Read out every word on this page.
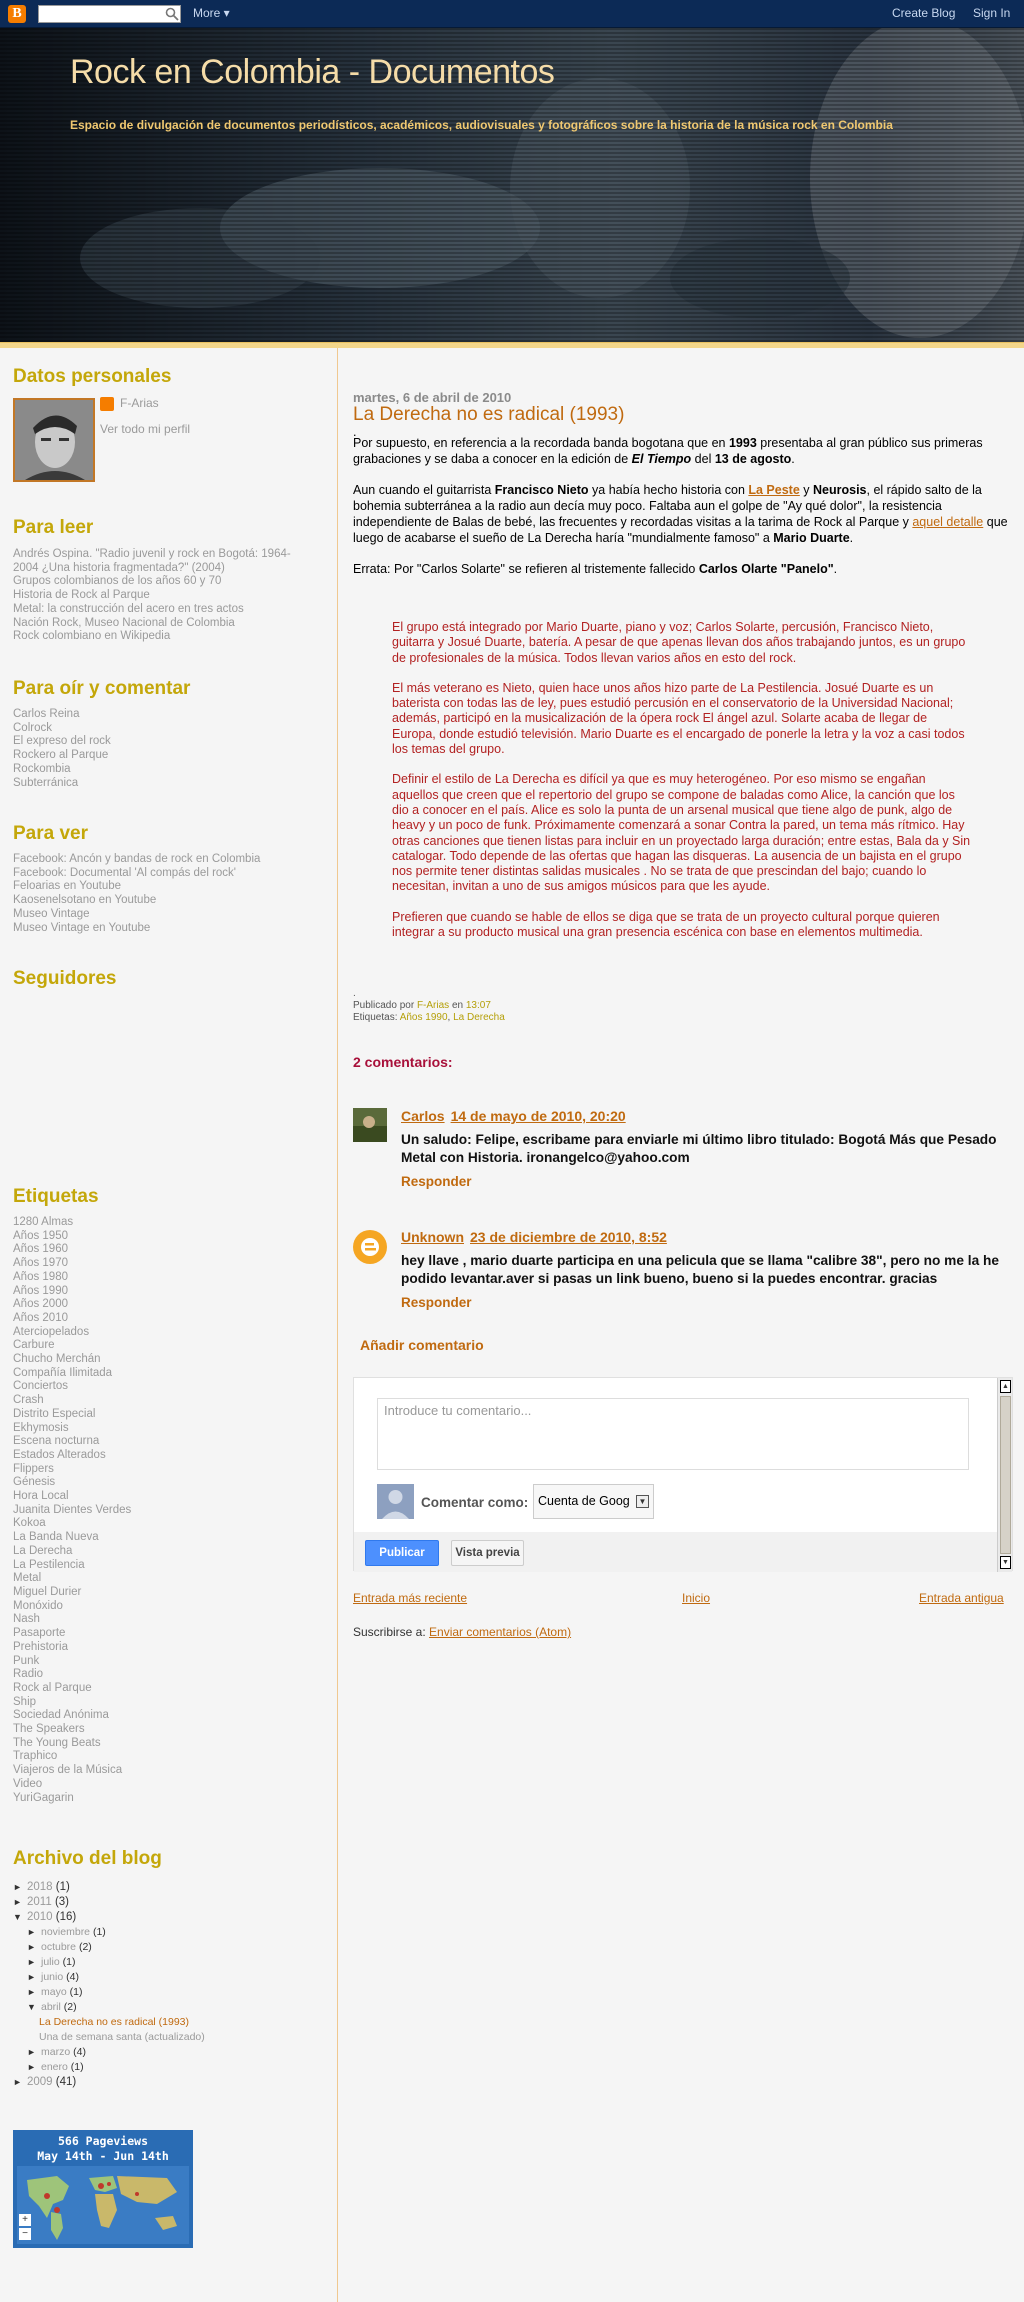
B	More ▾	Create Blog Sign In
Rock en Colombia - Documentos
Espacio de divulgación de documentos periodísticos, académicos, audiovisuales y fotográficos sobre la historia de la música rock en Colombia
Datos personales
F-Arias
Ver todo mi perfil
Para leer
Andrés Ospina. "Radio juvenil y rock en Bogotá: 1964-
2004 ¿Una historia fragmentada?" (2004)
Grupos colombianos de los años 60 y 70
Historia de Rock al Parque
Metal: la construcción del acero en tres actos
Nación Rock, Museo Nacional de Colombia
Rock colombiano en Wikipedia
Para oír y comentar
Carlos Reina
Colrock
El expreso del rock
Rockero al Parque
Rockombia
Subterránica
Para ver
Facebook: Ancón y bandas de rock en Colombia
Facebook: Documental 'Al compás del rock'
Feloarias en Youtube
Kaosenelsotano en Youtube
Museo Vintage
Museo Vintage en Youtube
Seguidores
Etiquetas
1280 Almas
Años 1950
Años 1960
Años 1970
Años 1980
Años 1990
Años 2000
Años 2010
Aterciopelados
Carbure
Chucho Merchán
Compañía Ilimitada
Conciertos
Crash
Distrito Especial
Ekhymosis
Escena nocturna
Estados Alterados
Flippers
Génesis
Hora Local
Juanita Dientes Verdes
Kokoa
La Banda Nueva
La Derecha
La Pestilencia
Metal
Miguel Durier
Monóxido
Nash
Pasaporte
Prehistoria
Punk
Radio
Rock al Parque
Ship
Sociedad Anónima
The Speakers
The Young Beats
Traphico
Viajeros de la Música
Video
YuriGagarin
Archivo del blog
► 2018 (1)
► 2011 (3)
▼ 2010 (16)
► noviembre (1)
► octubre (2)
► julio (1)
► junio (4)
► mayo (1)
▼ abril (2)
La Derecha no es radical (1993)
Una de semana santa (actualizado)
► marzo (4)
► enero (1)
► 2009 (41)
566 Pageviews
May 14th - Jun 14th
+
−
martes, 6 de abril de 2010
La Derecha no es radical (1993)
.

Por supuesto, en referencia a la recordada banda bogotana que en 1993 presentaba al gran público sus primeras grabaciones y se daba a conocer en la edición de El Tiempo del 13 de agosto.

Aun cuando el guitarrista Francisco Nieto ya había hecho historia con La Peste y Neurosis, el rápido salto de la bohemia subterránea a la radio aun decía muy poco. Faltaba aun el golpe de "Ay qué dolor", la resistencia independiente de Balas de bebé, las frecuentes y recordadas visitas a la tarima de Rock al Parque y aquel detalle que luego de acabarse el sueño de La Derecha haría "mundialmente famoso" a Mario Duarte.

Errata: Por "Carlos Solarte" se refieren al tristemente fallecido Carlos Olarte "Panelo".

El grupo está integrado por Mario Duarte, piano y voz; Carlos Solarte, percusión, Francisco Nieto, guitarra y Josué Duarte, batería. A pesar de que apenas llevan dos años trabajando juntos, es un grupo de profesionales de la música. Todos llevan varios años en esto del rock.

El más veterano es Nieto, quien hace unos años hizo parte de La Pestilencia. Josué Duarte es un baterista con todas las de ley, pues estudió percusión en el conservatorio de la Universidad Nacional; además, participó en la musicalización de la ópera rock El ángel azul. Solarte acaba de llegar de Europa, donde estudió televisión. Mario Duarte es el encargado de ponerle la letra y la voz a casi todos los temas del grupo.

Definir el estilo de La Derecha es difícil ya que es muy heterogéneo. Por eso mismo se engañan aquellos que creen que el repertorio del grupo se compone de baladas como Alice, la canción que los dio a conocer en el país. Alice es solo la punta de un arsenal musical que tiene algo de punk, algo de heavy y un poco de funk. Próximamente comenzará a sonar Contra la pared, un tema más rítmico. Hay otras canciones que tienen listas para incluir en un proyectado larga duración; entre estas, Bala da y Sin catalogar. Todo depende de las ofertas que hagan las disqueras. La ausencia de un bajista en el grupo nos permite tener distintas salidas musicales . No se trata de que prescindan del bajo; cuando lo necesitan, invitan a uno de sus amigos músicos para que les ayude.

Prefieren que cuando se hable de ellos se diga que se trata de un proyecto cultural porque quieren integrar a su producto musical una gran presencia escénica con base en elementos multimedia.

.
Publicado por F-Arias en 13:07
Etiquetas: Años 1990, La Derecha
2 comentarios:
Carlos 14 de mayo de 2010, 20:20
Un saludo: Felipe, escribame para enviarle mi último libro titulado: Bogotá Más que Pesado Metal con Historia. ironangelco@yahoo.com
Responder
Unknown 23 de diciembre de 2010, 8:52
hey llave , mario duarte participa en una pelicula que se llama "calibre 38", pero no me la he podido levantar.aver si pasas un link bueno, bueno si la puedes encontrar. gracias
Responder
Añadir comentario
Introduce tu comentario...
Comentar como: Cuenta de Goog	▼
Publicar	Vista previa
▲
▼
Entrada más reciente	Inicio	Entrada antigua
Suscribirse a: Enviar comentarios (Atom)
